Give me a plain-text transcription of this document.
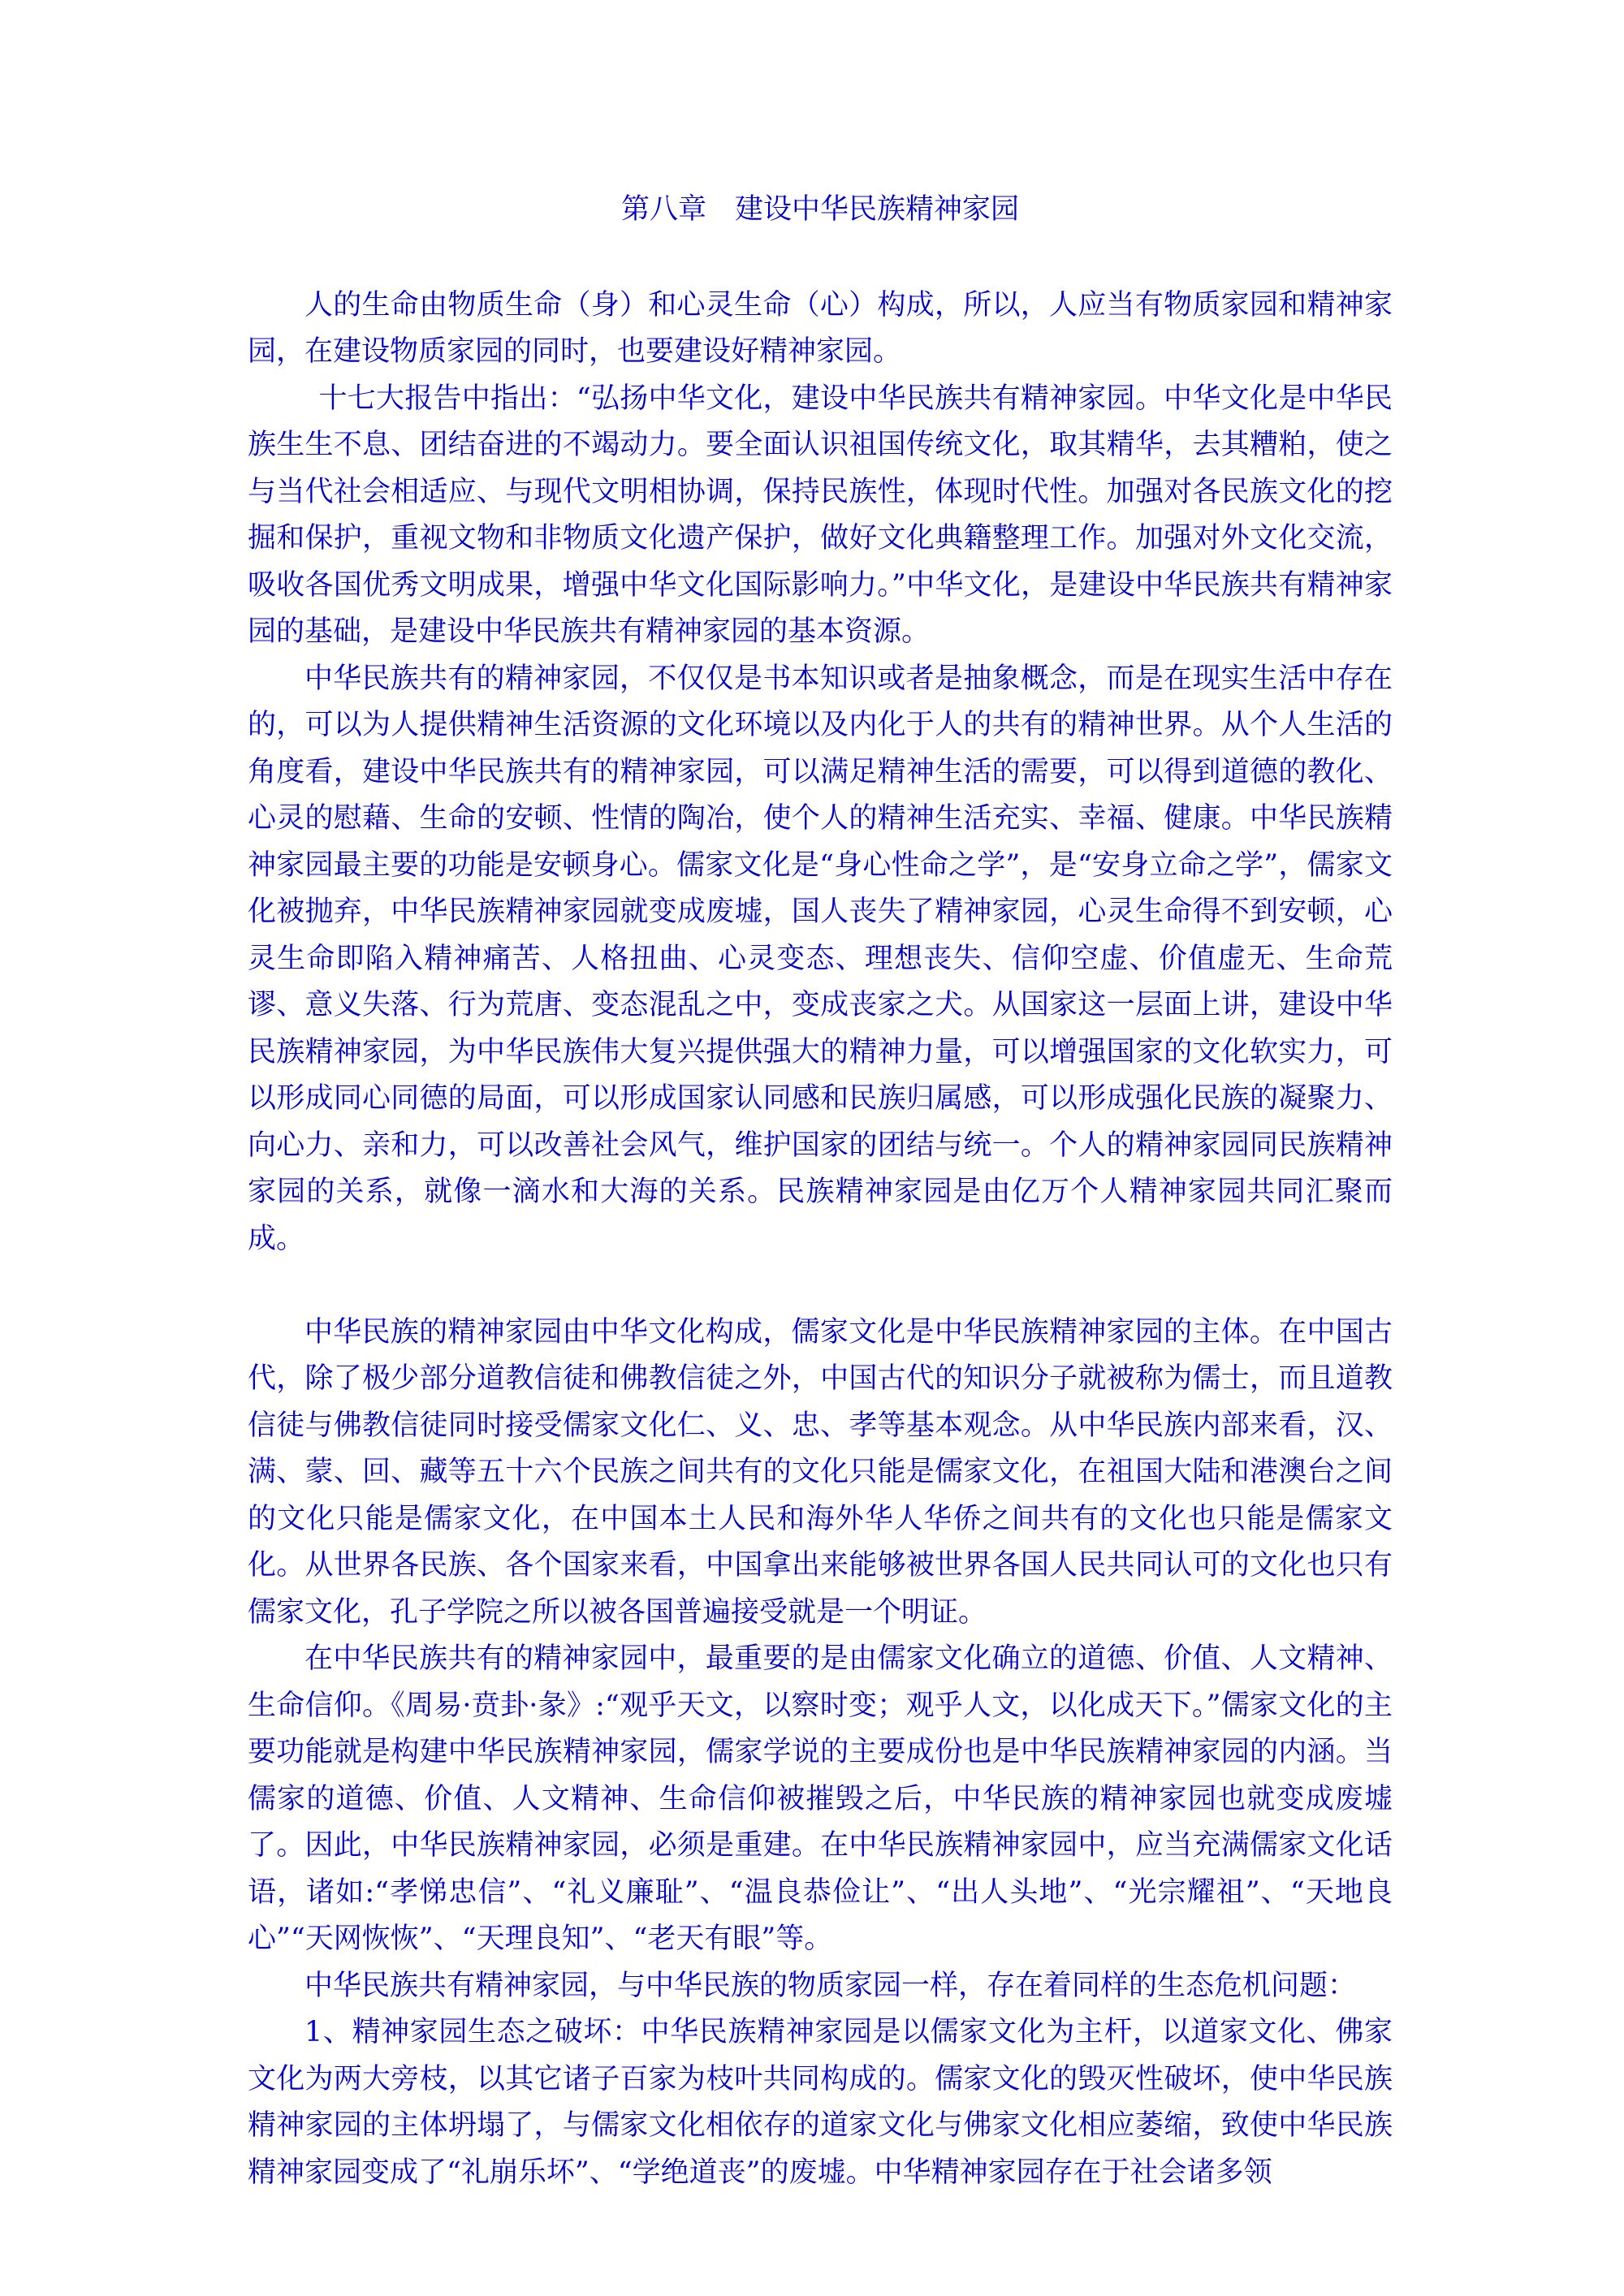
第八章　建设中华民族精神家园

人的生命由物质生命（身）和心灵生命（心）构成，所以，人应当有物质家园和精神家园，在建设物质家园的同时，也要建设好精神家园。

十七大报告中指出：“弘扬中华文化，建设中华民族共有精神家园。中华文化是中华民族生生不息、团结奋进的不竭动力。要全面认识祖国传统文化，取其精华，去其糟粕，使之与当代社会相适应、与现代文明相协调，保持民族性，体现时代性。加强对各民族文化的挖掘和保护，重视文物和非物质文化遗产保护，做好文化典籍整理工作。加强对外文化交流，吸收各国优秀文明成果，增强中华文化国际影响力。”中华文化，是建设中华民族共有精神家园的基础，是建设中华民族共有精神家园的基本资源。

中华民族共有的精神家园，不仅仅是书本知识或者是抽象概念，而是在现实生活中存在的，可以为人提供精神生活资源的文化环境以及内化于人的共有的精神世界。从个人生活的角度看，建设中华民族共有的精神家园，可以满足精神生活的需要，可以得到道德的教化、心灵的慰藉、生命的安顿、性情的陶冶，使个人的精神生活充实、幸福、健康。中华民族精神家园最主要的功能是安顿身心。儒家文化是“身心性命之学”，是“安身立命之学”，儒家文化被抛弃，中华民族精神家园就变成废墟，国人丧失了精神家园，心灵生命得不到安顿，心灵生命即陷入精神痛苦、人格扭曲、心灵变态、理想丧失、信仰空虚、价值虚无、生命荒谬、意义失落、行为荒唐、变态混乱之中，变成丧家之犬。从国家这一层面上讲，建设中华民族精神家园，为中华民族伟大复兴提供强大的精神力量，可以增强国家的文化软实力，可以形成同心同德的局面，可以形成国家认同感和民族归属感，可以形成强化民族的凝聚力、向心力、亲和力，可以改善社会风气，维护国家的团结与统一。个人的精神家园同民族精神家园的关系，就像一滴水和大海的关系。民族精神家园是由亿万个人精神家园共同汇聚而成。

中华民族的精神家园由中华文化构成，儒家文化是中华民族精神家园的主体。在中国古代，除了极少部分道教信徒和佛教信徒之外，中国古代的知识分子就被称为儒士，而且道教信徒与佛教信徒同时接受儒家文化仁、义、忠、孝等基本观念。从中华民族内部来看，汉、满、蒙、回、藏等五十六个民族之间共有的文化只能是儒家文化，在祖国大陆和港澳台之间的文化只能是儒家文化，在中国本土人民和海外华人华侨之间共有的文化也只能是儒家文化。从世界各民族、各个国家来看，中国拿出来能够被世界各国人民共同认可的文化也只有儒家文化，孔子学院之所以被各国普遍接受就是一个明证。

在中华民族共有的精神家园中，最重要的是由儒家文化确立的道德、价值、人文精神、生命信仰。《周易·贲卦·彖》:“观乎天文，以察时变；观乎人文，以化成天下。”儒家文化的主要功能就是构建中华民族精神家园，儒家学说的主要成份也是中华民族精神家园的内涵。当儒家的道德、价值、人文精神、生命信仰被摧毁之后，中华民族的精神家园也就变成废墟了。因此，中华民族精神家园，必须是重建。在中华民族精神家园中，应当充满儒家文化话语，诸如:“孝悌忠信”、“礼义廉耻”、“温良恭俭让”、“出人头地”、“光宗耀祖”、“天地良心”“天网恢恢”、“天理良知”、“老天有眼”等。

中华民族共有精神家园，与中华民族的物质家园一样，存在着同样的生态危机问题：

1、精神家园生态之破坏：中华民族精神家园是以儒家文化为主杆，以道家文化、佛家文化为两大旁枝，以其它诸子百家为枝叶共同构成的。儒家文化的毁灭性破坏，使中华民族精神家园的主体坍塌了，与儒家文化相依存的道家文化与佛家文化相应萎缩，致使中华民族精神家园变成了“礼崩乐坏”、“学绝道丧”的废墟。中华精神家园存在于社会诸多领
